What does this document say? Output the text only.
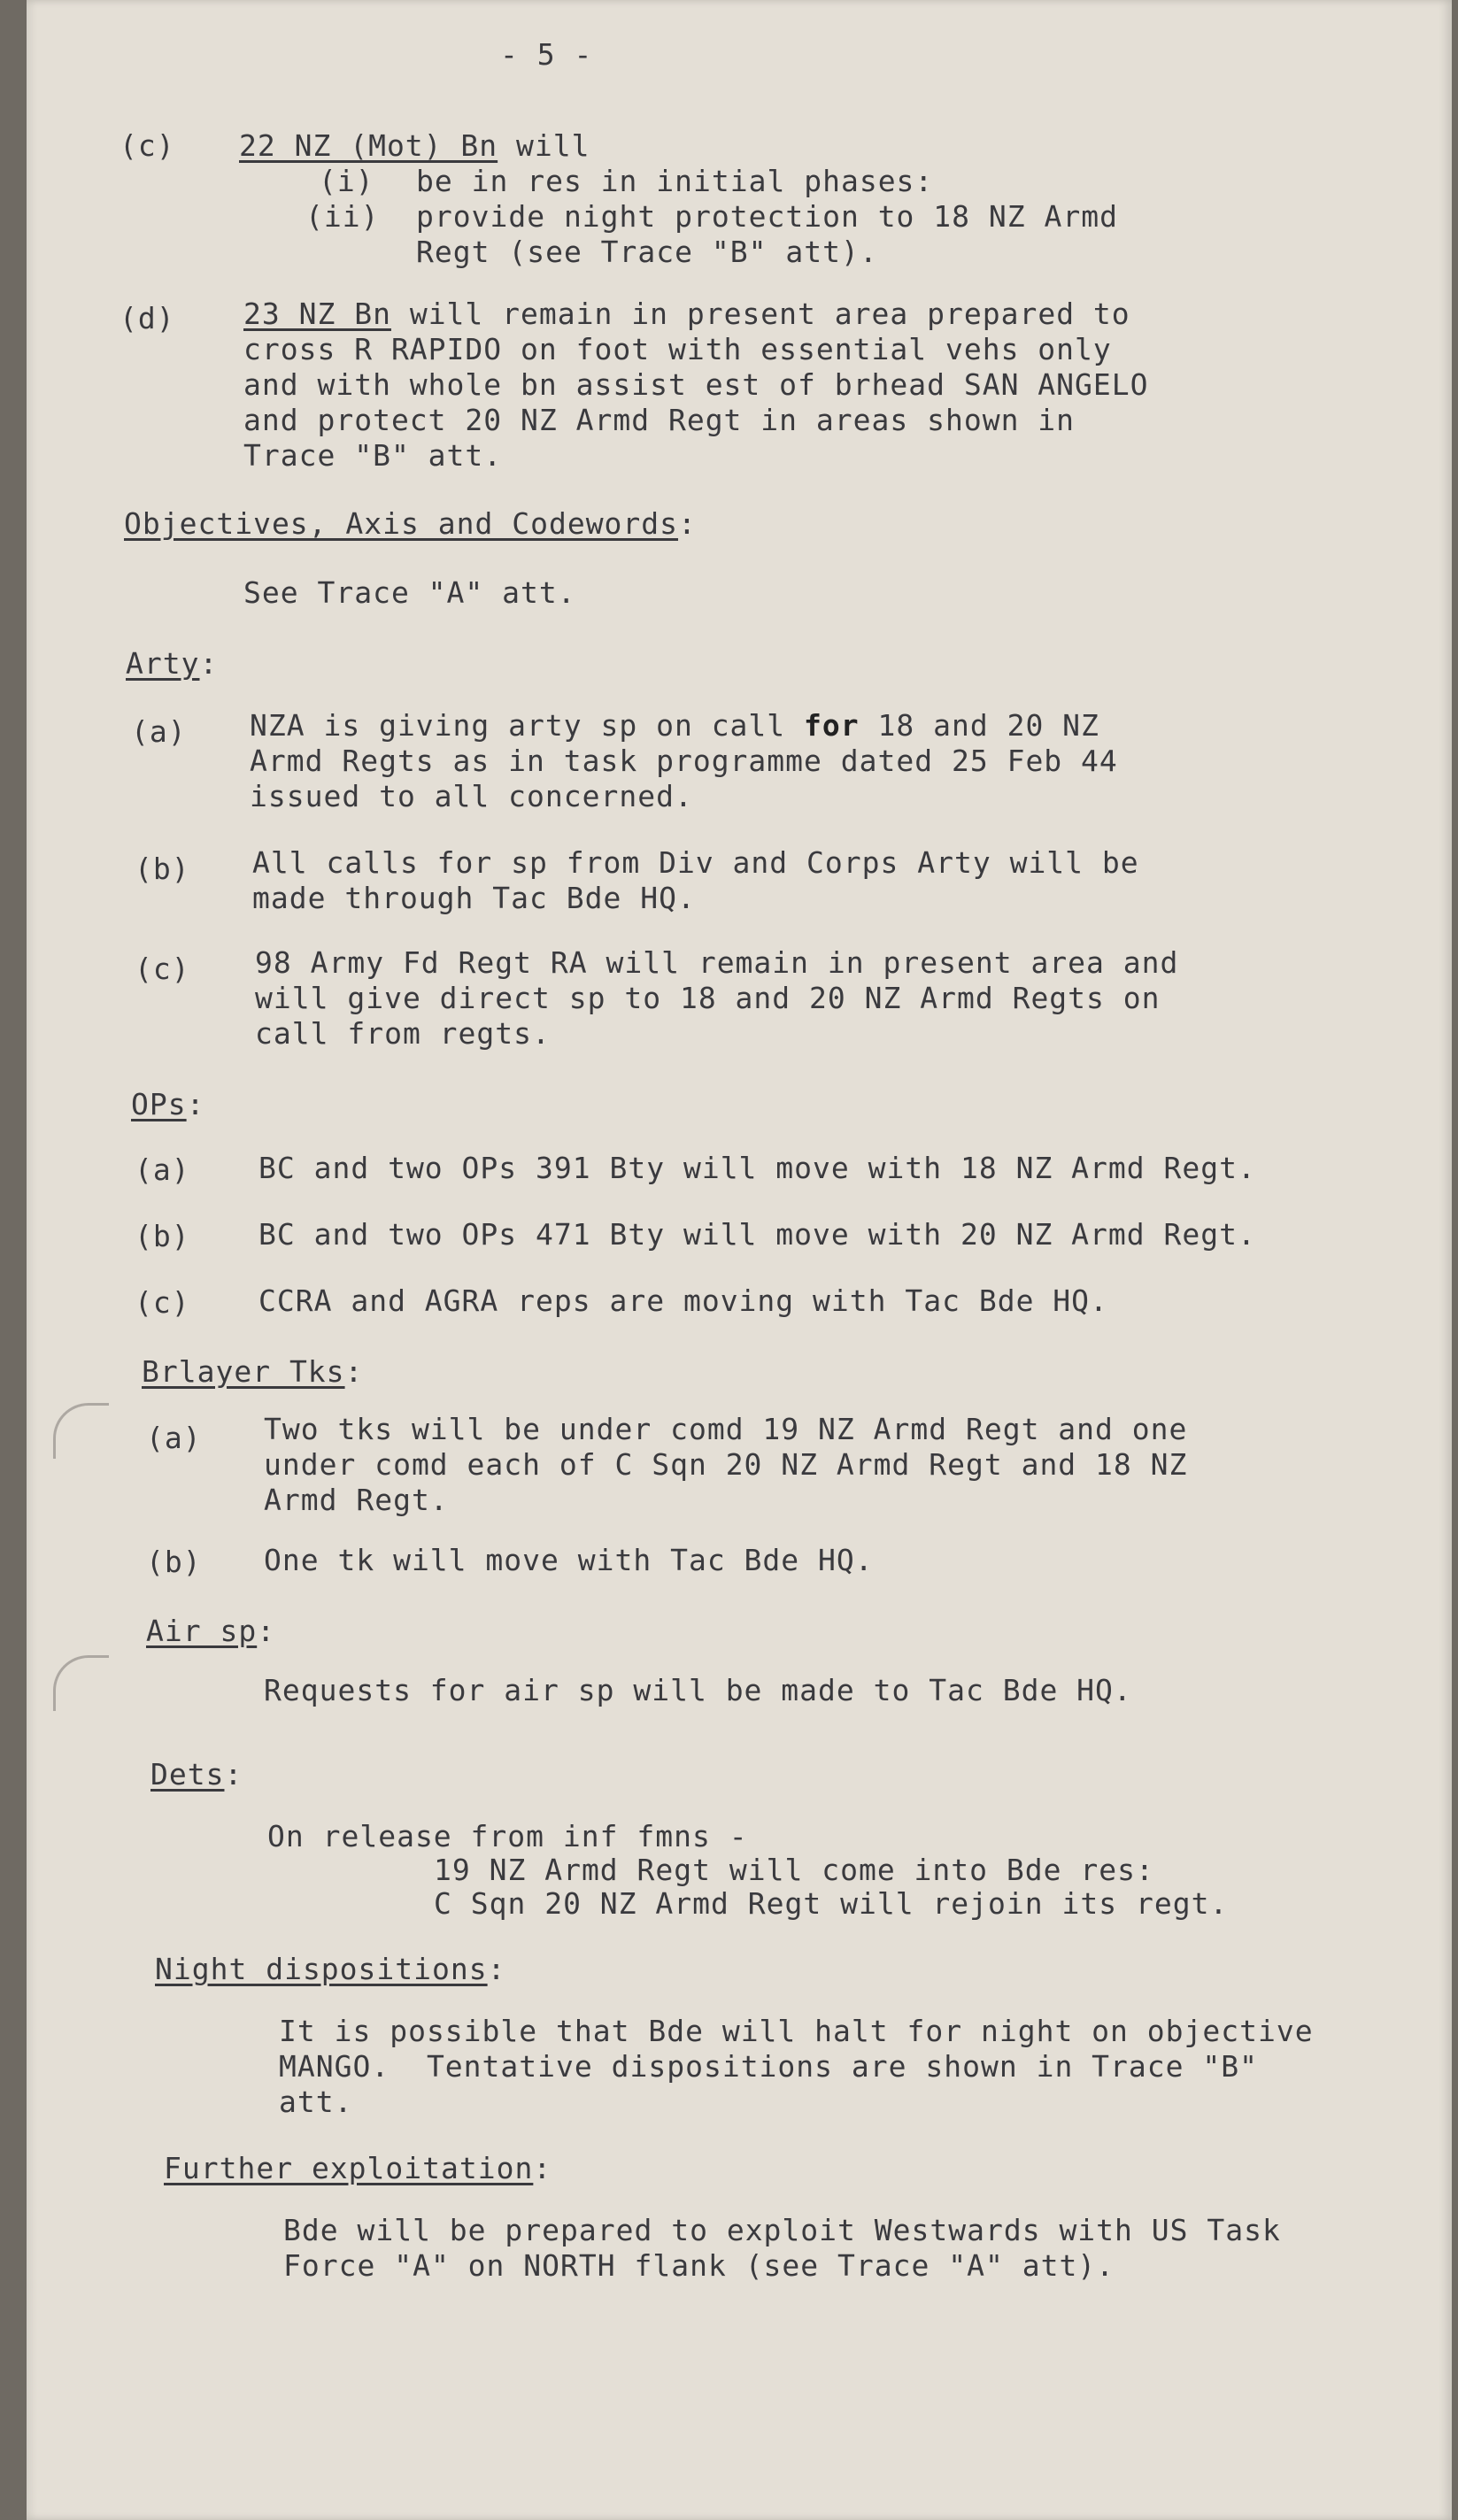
- 5 -
(c) 22 NZ (Mot) Bn will
(i) be in res in initial phases:
(ii) provide night protection to 18 NZ Armd
Regt (see Trace "B" att).
(d) 23 NZ Bn will remain in present area prepared to
cross R RAPIDO on foot with essential vehs only
and with whole bn assist est of brhead SAN ANGELO
and protect 20 NZ Armd Regt in areas shown in
Trace "B" att.
Objectives, Axis and Codewords:
See Trace "A" att.
Arty:
(a) NZA is giving arty sp on call for 18 and 20 NZ
Armd Regts as in task programme dated 25 Feb 44
issued to all concerned.
(b) All calls for sp from Div and Corps Arty will be
made through Tac Bde HQ.
(c) 98 Army Fd Regt RA will remain in present area and
will give direct sp to 18 and 20 NZ Armd Regts on
call from regts.
OPs:
(a) BC and two OPs 391 Bty will move with 18 NZ Armd Regt.
(b) BC and two OPs 471 Bty will move with 20 NZ Armd Regt.
(c) CCRA and AGRA reps are moving with Tac Bde HQ.
Brlayer Tks:
(a) Two tks will be under comd 19 NZ Armd Regt and one
under comd each of C Sqn 20 NZ Armd Regt and 18 NZ
Armd Regt.
(b) One tk will move with Tac Bde HQ.
Air sp:
Requests for air sp will be made to Tac Bde HQ.
Dets:
On release from inf fmns -
19 NZ Armd Regt will come into Bde res:
C Sqn 20 NZ Armd Regt will rejoin its regt.
Night dispositions:
It is possible that Bde will halt for night on objective
MANGO.  Tentative dispositions are shown in Trace "B"
att.
Further exploitation:
Bde will be prepared to exploit Westwards with US Task
Force "A" on NORTH flank (see Trace "A" att).
